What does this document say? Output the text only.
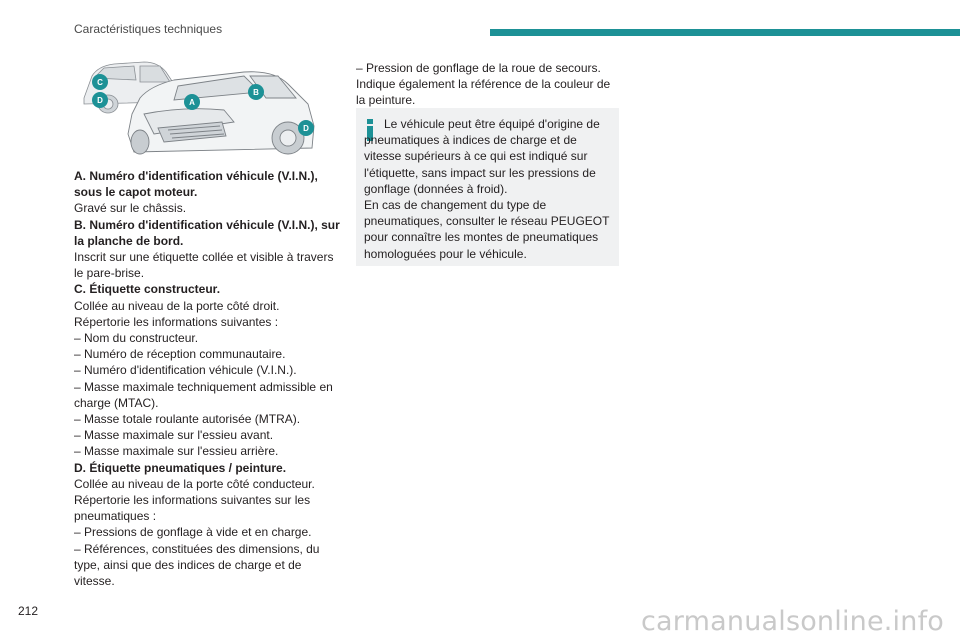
Caractéristiques techniques
C
D	A
B
D

A. Numéro d'identification véhicule (V.I.N.), sous le capot moteur.

Gravé sur le châssis.

B. Numéro d'identification véhicule (V.I.N.), sur la planche de bord.

Inscrit sur une étiquette collée et visible à travers le pare-brise.

C. Étiquette constructeur.

Collée au niveau de la porte côté droit.

Répertorie les informations suivantes :

– Nom du constructeur.

– Numéro de réception communautaire.

– Numéro d'identification véhicule (V.I.N.).

– Masse maximale techniquement admissible en charge (MTAC).

– Masse totale roulante autorisée (MTRA).

– Masse maximale sur l'essieu avant.

– Masse maximale sur l'essieu arrière.

D. Étiquette pneumatiques / peinture.

Collée au niveau de la porte côté conducteur.

Répertorie les informations suivantes sur les pneumatiques :

– Pressions de gonflage à vide et en charge.

– Références, constituées des dimensions, du type, ainsi que des indices de charge et de vitesse.

– Pression de gonflage de la roue de secours.

Indique également la référence de la couleur de la peinture.

Le véhicule peut être équipé d'origine de pneumatiques à indices de charge et de vitesse supérieurs à ce qui est indiqué sur l'étiquette, sans impact sur les pressions de gonflage (données à froid).

En cas de changement du type de pneumatiques, consulter le réseau PEUGEOT pour connaître les montes de pneumatiques homologuées pour le véhicule.

212	carmanualsonline.info
